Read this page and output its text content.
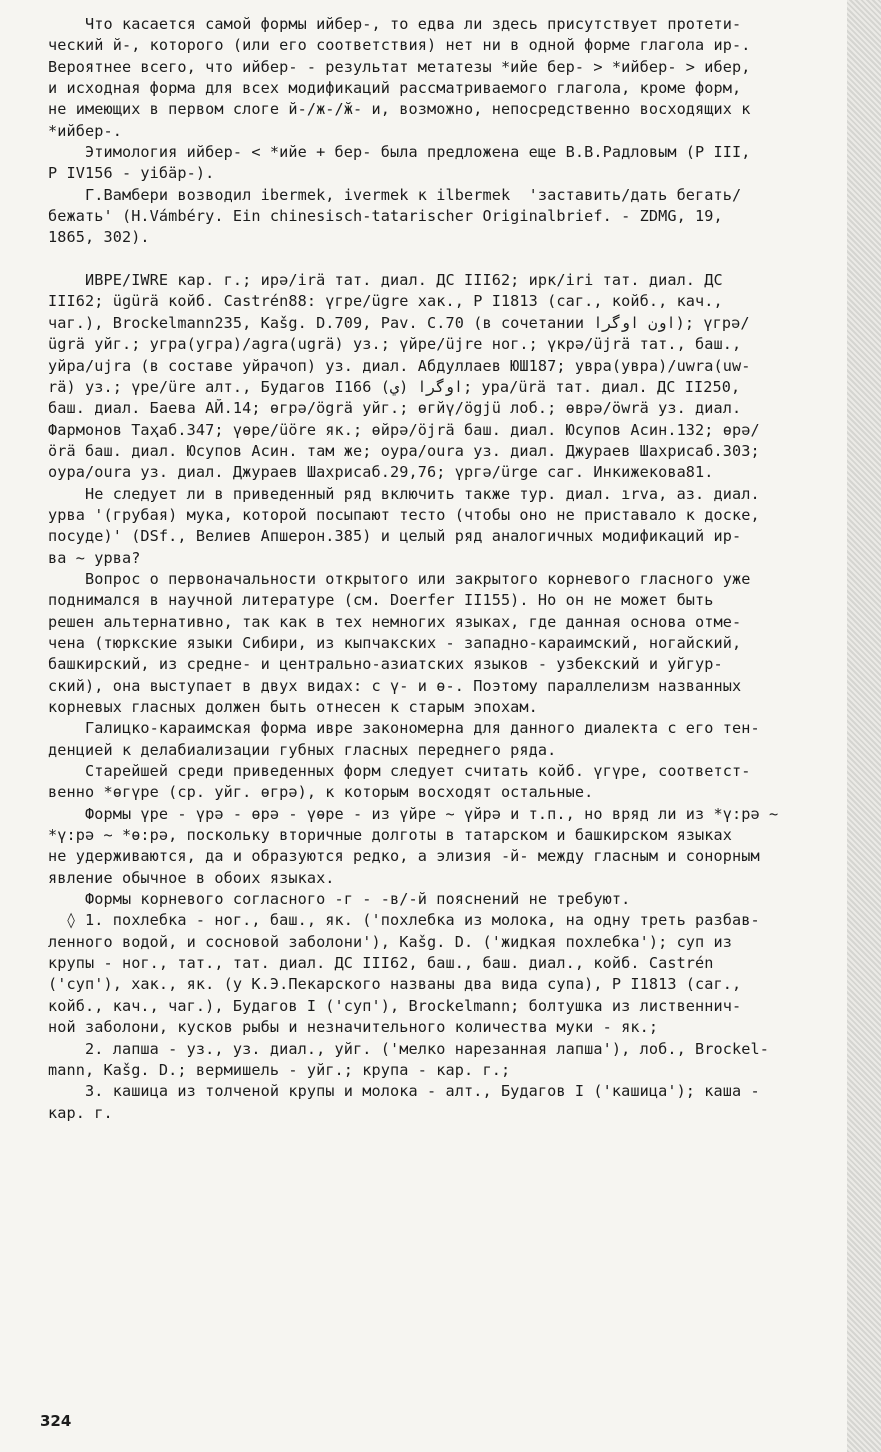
Что касается самой формы ийбер-, то едва ли здесь присутствует протети-
ческий й-, которого (или его соответствия) нет ни в одной форме глагола ир-.
Вероятнее всего, что ийбер- - результат метатезы *ийе бер- > *ийбер- > ибер,
и исходная форма для всех модификаций рассматриваемого глагола, кроме форм,
не имеющих в первом слоге й-/ж-/ӂ- и, возможно, непосредственно восходящих к
*ийбер-.
Этимология ийбер- < *ийе + бер- была предложена еще В.В.Радловым (Р III,
Р IV156 - yiбäр-).
Г.Вамбери возводил ibermek, ivermek к ilbermek  'заставить/дать бегать/
бежать' (H.Vámbéry. Ein chinesisch-tatarischer Originalbrief. - ZDMG, 19,
1865, 302).
ИВРЕ/IWRE кар. г.; ирә/irä тат. диал. ДС III62; ирк/iri тат. диал. ДС
III62; ügürä койб. Castrén88: үгре/ügre хак., Р I1813 (саг., койб., кач.,
чаг.), Brockelmann235, Kаšg. D.709, Pav. C.70 (в сочетании اون اوگرا); үгрә/
ügrä уйг.; угра(угра)/agra(ugrä) уз.; үйре/üjre ног.; үкрә/üjrä тат., баш.,
уйра/ujra (в составе уйрачоп) уз. диал. Абдуллаев ЮШ187; увра(увра)/uwra(uw-
rä) уз.; үре/üre алт., Будагов I166 اوگرا (ي); ура/ürä тат. диал. ДС II250,
баш. диал. Баева АЙ.14; өгрә/ögrä уйг.; өгйү/ögjü лоб.; өврә/öwrä уз. диал.
Фармонов Таҳаб.347; үөре/üöre як.; өйрә/öjrä баш. диал. Юсупов Асин.132; өрә/
örä баш. диал. Юсупов Асин. там же; оура/oura уз. диал. Джураев Шахрисаб.303;
оура/oura уз. диал. Джураев Шахрисаб.29,76; үргә/ürge саг. Инкижекова81.
Не следует ли в приведенный ряд включить также тур. диал. ırva, аз. диал.
урва '(грубая) мука, которой посыпают тесто (чтобы оно не приставало к доске,
посуде)' (DSf., Велиев Апшерон.385) и целый ряд аналогичных модификаций ир-
ва ~ урва?
Вопрос о первоначальности открытого или закрытого корневого гласного уже
поднимался в научной литературе (см. Doerfer II155). Но он не может быть
решен альтернативно, так как в тех немногих языках, где данная основа отме-
чена (тюркские языки Сибири, из кыпчакских - западно-караимский, ногайский,
башкирский, из средне- и центрально-азиатских языков - узбекский и уйгур-
ский), она выступает в двух видах: с ү- и ө-. Поэтому параллелизм названных
корневых гласных должен быть отнесен к старым эпохам.
Галицко-караимская форма ивре закономерна для данного диалекта с его тен-
денцией к делабиализации губных гласных переднего ряда.
Старейшей среди приведенных форм следует считать койб. үгүре, соответст-
венно *өгүре (ср. уйг. өгрә), к которым восходят остальные.
Формы үре - үрә - өрә - үөре - из үйре ~ үйрә и т.п., но вряд ли из *ү:рә ~
*ү:рә ~ *ө:рә, поскольку вторичные долготы в татарском и башкирском языках
не удерживаются, да и образуются редко, а элизия -й- между гласным и сонорным
явление обычное в обоих языках.
Формы корневого согласного -г - -в/-й пояснений не требуют.
◊ 1. похлебка - ног., баш., як. ('похлебка из молока, на одну треть разбав-
ленного водой, и сосновой заболони'), Каšg. D. ('жидкая похлебка'); суп из
крупы - ног., тат., тат. диал. ДС III62, баш., баш. диал., койб. Castrén
('суп'), хак., як. (у К.Э.Пекарского названы два вида супа), Р I1813 (саг.,
койб., кач., чаг.), Будагов I ('суп'), Brockelmann; болтушка из лиственнич-
ной заболони, кусков рыбы и незначительного количества муки - як.;
2. лапша - уз., уз. диал., уйг. ('мелко нарезанная лапша'), лоб., Brockel-
mann, Каšg. D.; вермишель - уйг.; крупа - кар. г.;
3. кашица из толченой крупы и молока - алт., Будагов I ('кашица'); каша -
кар. г.
324
